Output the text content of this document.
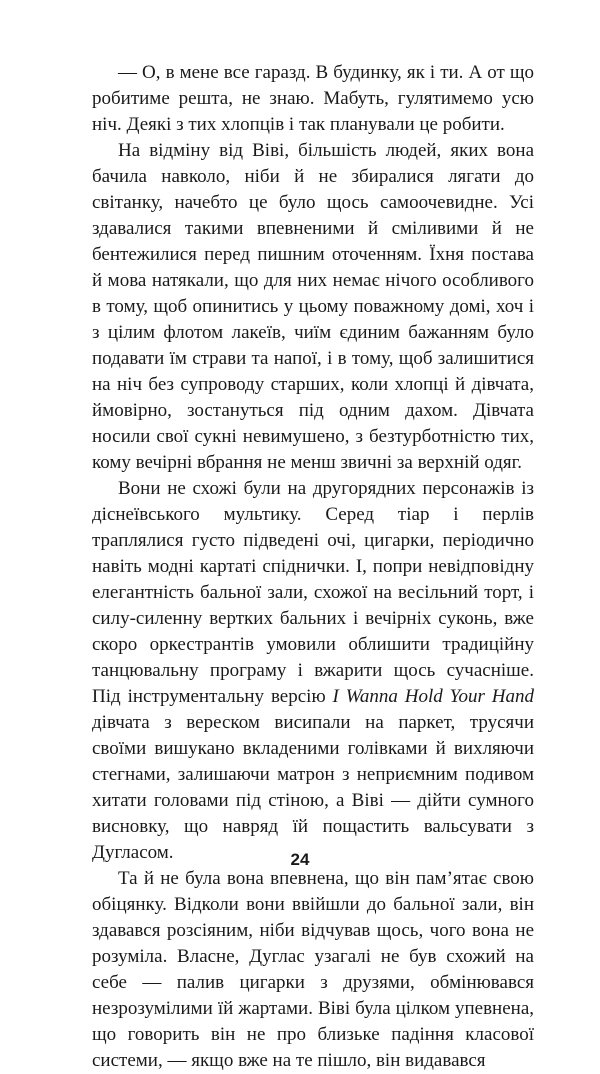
— О, в мене все гаразд. В будинку, як і ти. А от що робитиме решта, не знаю. Мабуть, гулятимемо усю ніч. Деякі з тих хлопців і так планували це робити.

На відміну від Віві, більшість людей, яких вона бачила навколо, ніби й не збиралися лягати до світанку, начебто це було щось самоочевидне. Усі здавалися такими впевненими й сміливими й не бентежилися перед пишним оточенням. Їхня постава й мова натякали, що для них немає нічого особливого в тому, щоб опинитись у цьому поважному домі, хоч і з цілим флотом лакеїв, чиїм єдиним бажанням було подавати їм страви та напої, і в тому, щоб залишитися на ніч без супроводу старших, коли хлопці й дівчата, ймовірно, зостануться під одним дахом. Дівчата носили свої сукні невимушено, з безтурботністю тих, кому вечірні вбрання не менш звичні за верхній одяг.

Вони не схожі були на другорядних персонажів із діснеївського мультику. Серед тіар і перлів траплялися густо підведені очі, цигарки, періодично навіть модні картаті спіднички. І, попри невідповідну елегантність бальної зали, схожої на весільний торт, і силу-силенну вертких бальних і вечірніх суконь, вже скоро оркестрантів умовили облишити традиційну танцювальну програму і вжарити щось сучасніше. Під інструментальну версію I Wanna Hold Your Hand дівчата з вереском висипали на паркет, трусячи своїми вишукано вкладеними голівками й вихляючи стегнами, залишаючи матрон з неприємним подивом хитати головами під стіною, а Віві — дійти сумного висновку, що навряд їй пощастить вальсувати з Дугласом.

Та й не була вона впевнена, що він пам’ятає свою обіцянку. Відколи вони ввійшли до бальної зали, він здавався розсіяним, ніби відчував щось, чого вона не розуміла. Власне, Дуглас узагалі не був схожий на себе — палив цигарки з друзями, обмінювався незрозумілими їй жартами. Віві була цілком упевнена, що говорить він не про близьке падіння класової системи, — якщо вже на те пішло, він видавався

24
